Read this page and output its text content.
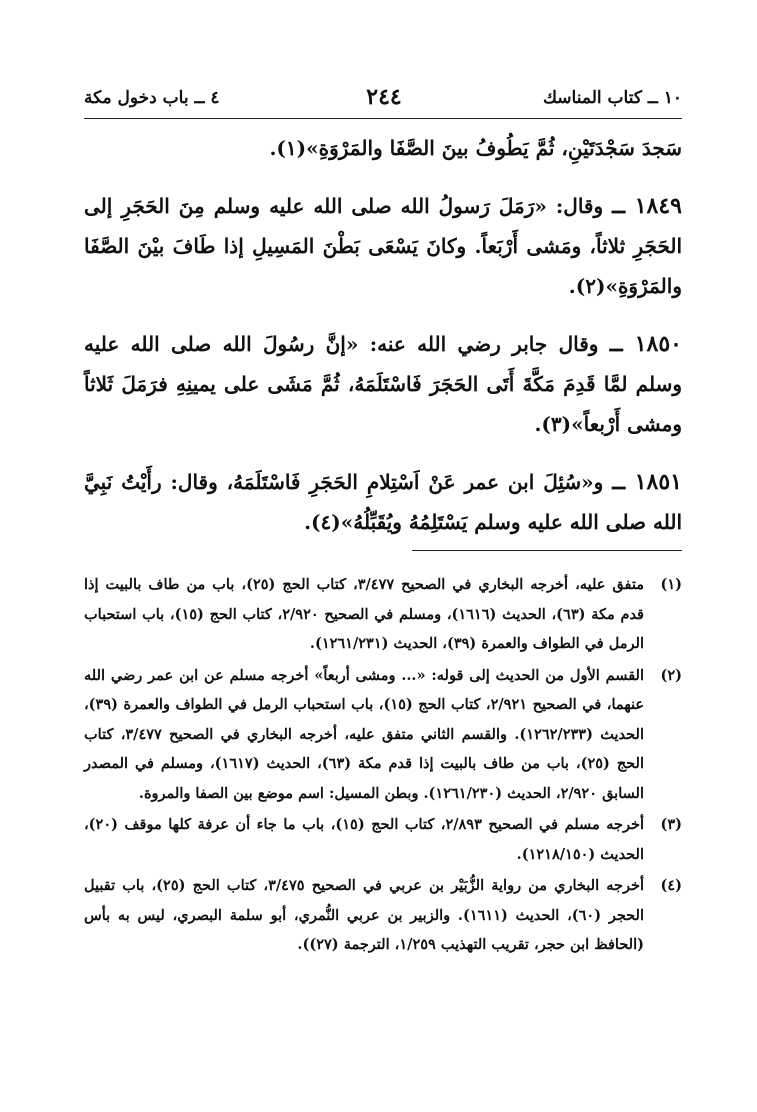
١٠ ــ كتاب المناسك
٢٤٤
٤ ــ باب دخول مكة

سَجدَ سَجْدَتَيْنِ، ثُمَّ يَطُوفُ بينَ الصَّفَا والمَرْوَةِ»(١).

١٨٤٩ ــ وقال: «رَمَلَ رَسولُ الله صلى الله عليه وسلم مِنَ الحَجَرِ إلى الحَجَرِ ثلاثاً، ومَشى أَرْبَعاً. وكانَ يَسْعَى بَطْنَ المَسِيلِ إذا طَافَ بيْنَ الصَّفَا والمَرْوَةِ»(٢).

١٨٥٠ ــ وقال جابر رضي الله عنه: «إنَّ رسُولَ الله صلى الله عليه وسلم لمَّا قَدِمَ مَكَّةَ أَتَى الحَجَرَ فَاسْتَلَمَهُ، ثُمَّ مَشَى على يمينِهِ فرَمَلَ ثَلاثاً ومشى أَرْبعاً»(٣).

١٨٥١ ــ و«سُئِلَ ابن عمر عَنْ اَسْتِلامِ الحَجَرِ فَاسْتَلَمَهُ، وقال: رأَيْتُ نَبِيَّ الله صلى الله عليه وسلم يَسْتَلِمُهُ ويُقَبِّلُهُ»(٤).

(١)
متفق عليه، أخرجه البخاري في الصحيح ٣/٤٧٧، كتاب الحج (٢٥)، باب من طاف بالبيت إذا قدم مكة (٦٣)، الحديث (١٦١٦)، ومسلم في الصحيح ٢/٩٢٠، كتاب الحج (١٥)، باب استحباب الرمل في الطواف والعمرة (٣٩)، الحديث (١٢٦١/٢٣١).
(٢)
القسم الأول من الحديث إلى قوله: «... ومشى أربعاً» أخرجه مسلم عن ابن عمر رضي الله عنهما، في الصحيح ٢/٩٢١، كتاب الحج (١٥)، باب استحباب الرمل في الطواف والعمرة (٣٩)، الحديث (١٢٦٢/٢٣٣). والقسم الثاني متفق عليه، أخرجه البخاري في الصحيح ٣/٤٧٧، كتاب الحج (٢٥)، باب من طاف بالبيت إذا قدم مكة (٦٣)، الحديث (١٦١٧)، ومسلم في المصدر السابق ٢/٩٢٠، الحديث (١٢٦١/٢٣٠). وبطن المسيل: اسم موضع بين الصفا والمروة.
(٣)
أخرجه مسلم في الصحيح ٢/٨٩٣، كتاب الحج (١٥)، باب ما جاء أن عرفة كلها موقف (٢٠)، الحديث (١٢١٨/١٥٠).
(٤)
أخرجه البخاري من رواية الزُّبَيْر بن عربي في الصحيح ٣/٤٧٥، كتاب الحج (٢٥)، باب تقبيل الحجر (٦٠)، الحديث (١٦١١). والزبير بن عربي النُّمري، أبو سلمة البصري، ليس به بأس (الحافظ ابن حجر، تقريب التهذيب ١/٢٥٩، الترجمة (٢٧)).
